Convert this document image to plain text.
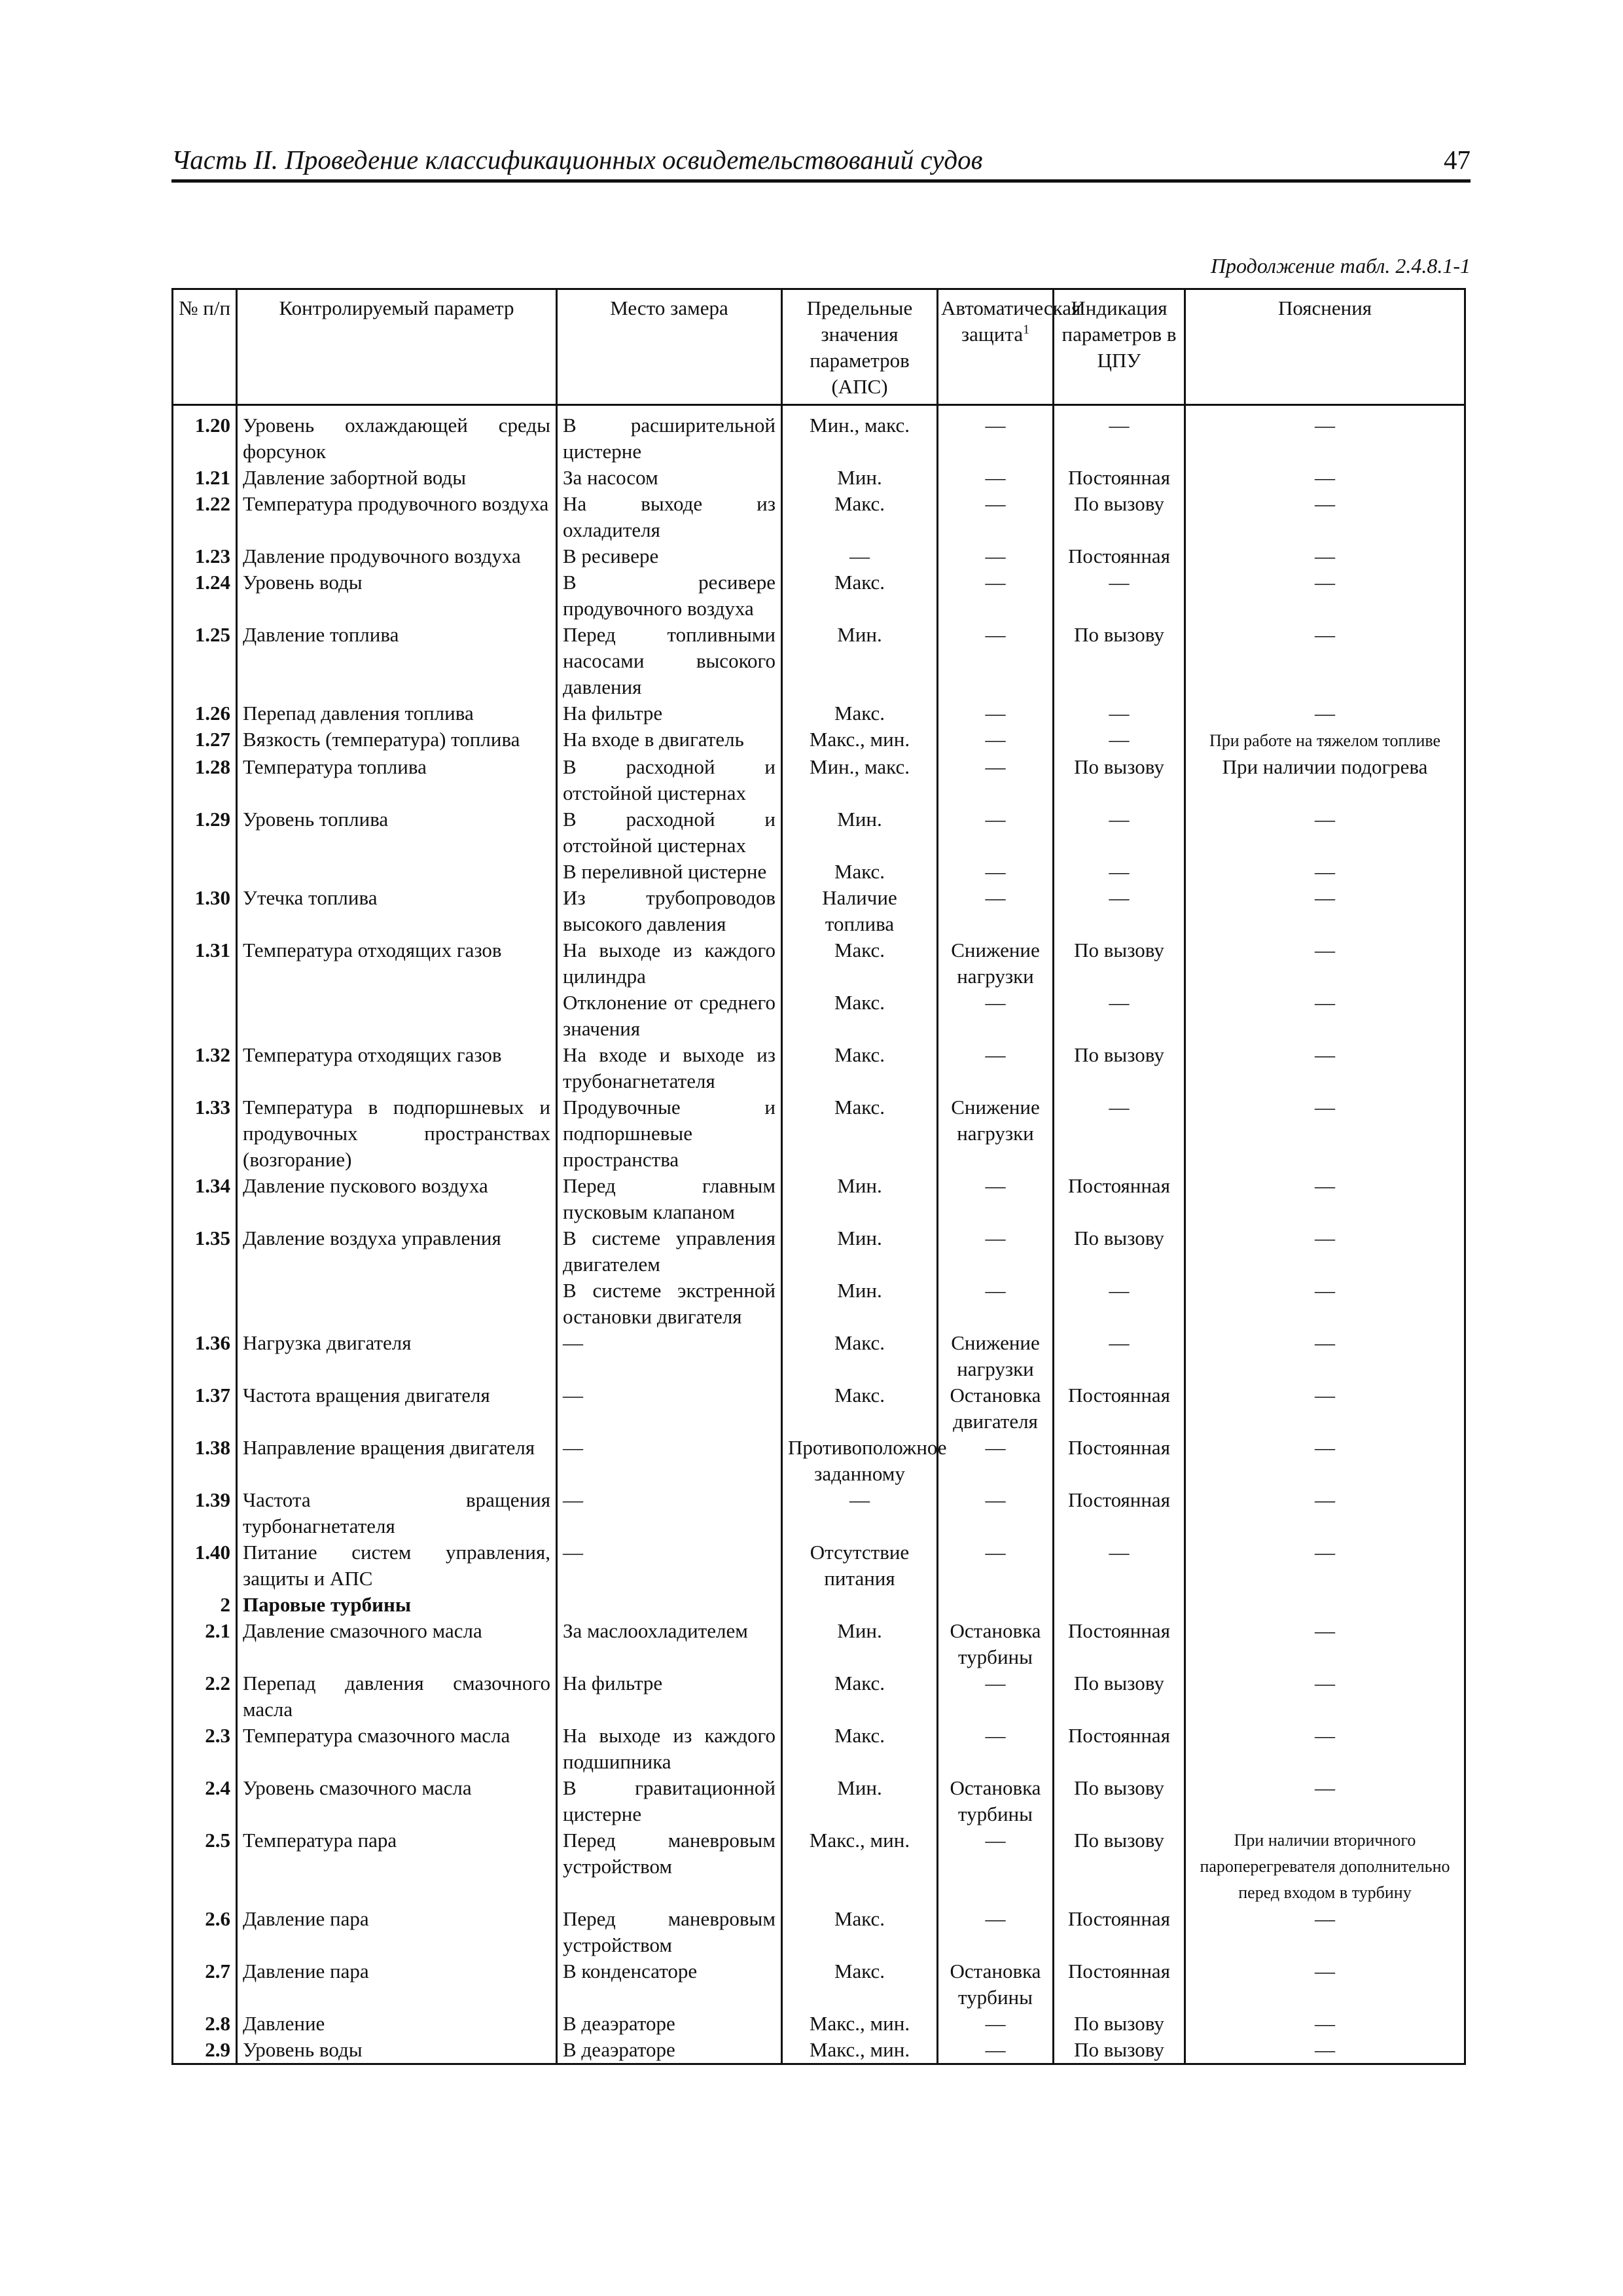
Часть II. Проведение классификационных освидетельствований судов	47
Продолжение табл. 2.4.8.1-1
№ п/п	Контролируемый параметр	Место замера	Предельные значения параметров (АПС)	Автоматическая защита$^1$	Индикация параметров в ЦПУ	Пояснения
1.20	Уровень охлаждающей среды форсунок	В расширительной цистерне	Мин., макс.	—	—	—
1.21	Давление забортной воды	За насосом	Мин.	—	Постоянная	—
1.22	Температура продувочного воздуха	На выходе из охладителя	Макс.	—	По вызову	—
1.23	Давление продувочного воздуха	В ресивере	—	—	Постоянная	—
1.24	Уровень воды	В ресивере продувочного воздуха	Макс.	—	—	—
1.25	Давление топлива	Перед топливными насосами высокого давления	Мин.	—	По вызову	—
1.26	Перепад давления топлива	На фильтре	Макс.	—	—	—
1.27	Вязкость (температура) топлива	На входе в двигатель	Макс., мин.	—	—	При работе на тяжелом топливе
1.28	Температура топлива	В расходной и отстойной цистернах	Мин., макс.	—	По вызову	При наличии подогрева
1.29	Уровень топлива	В расходной и отстойной цистернах	Мин.	—	—	—
		В переливной цистерне	Макс.	—	—	—
1.30	Утечка топлива	Из трубопроводов высокого давления	Наличие топлива	—	—	—
1.31	Температура отходящих газов	На выходе из каждого цилиндра	Макс.	Снижение нагрузки	По вызову	—
		Отклонение от среднего значения	Макс.	—	—	—
1.32	Температура отходящих газов	На входе и выходе из трубонагнетателя	Макс.	—	По вызову	—
1.33	Температура в подпоршневых и продувочных пространствах (возгорание)	Продувочные и подпоршневые пространства	Макс.	Снижение нагрузки	—	—
1.34	Давление пускового воздуха	Перед главным пусковым клапаном	Мин.	—	Постоянная	—
1.35	Давление воздуха управления	В системе управления двигателем	Мин.	—	По вызову	—
		В системе экстренной остановки двигателя	Мин.	—	—	—
1.36	Нагрузка двигателя	—	Макс.	Снижение нагрузки	—	—
1.37	Частота вращения двигателя	—	Макс.	Остановка двигателя	Постоянная	—
1.38	Направление вращения двигателя	—	Противоположное заданному	—	Постоянная	—
1.39	Частота вращения турбонагнетателя	—	—	—	Постоянная	—
1.40	Питание систем управления, защиты и АПС	—	Отсутствие питания	—	—	—
2	Паровые турбины					
2.1	Давление смазочного масла	За маслоохладителем	Мин.	Остановка турбины	Постоянная	—
2.2	Перепад давления смазочного масла	На фильтре	Макс.	—	По вызову	—
2.3	Температура смазочного масла	На выходе из каждого подшипника	Макс.	—	Постоянная	—
2.4	Уровень смазочного масла	В гравитационной цистерне	Мин.	Остановка турбины	По вызову	—
2.5	Температура пара	Перед маневровым устройством	Макс., мин.	—	По вызову	При наличии вторичного пароперегревателя дополнительно перед входом в турбину
2.6	Давление пара	Перед маневровым устройством	Макс.	—	Постоянная	—
2.7	Давление пара	В конденсаторе	Макс.	Остановка турбины	Постоянная	—
2.8	Давление	В деаэраторе	Макс., мин.	—	По вызову	—
2.9	Уровень воды	В деаэраторе	Макс., мин.	—	По вызову	—
